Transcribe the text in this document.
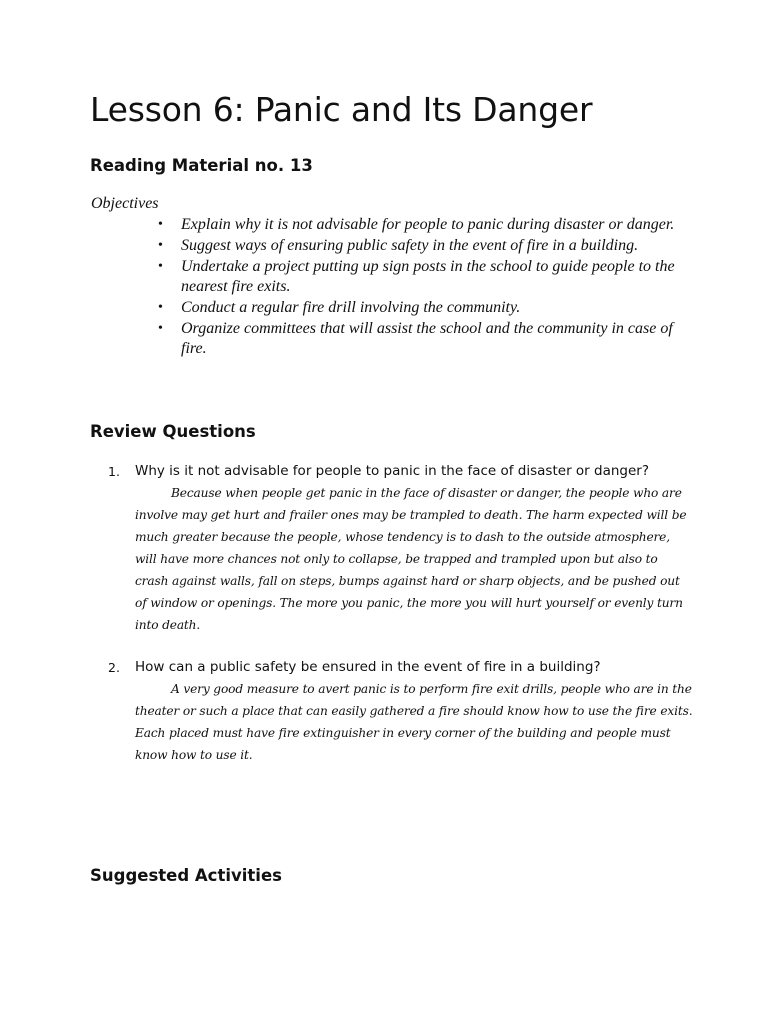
Lesson 6: Panic and Its Danger
Reading Material no. 13

Objectives

• Explain why it is not advisable for people to panic during disaster or danger.
• Suggest ways of ensuring public safety in the event of fire in a building.
• Undertake a project putting up sign posts in the school to guide people to the nearest fire exits.
• Conduct a regular fire drill involving the community.
• Organize committees that will assist the school and the community in case of fire.
Review Questions
1. Why is it not advisable for people to panic in the face of disaster or danger?

Because when people get panic in the face of disaster or danger, the people who are involve may get hurt and frailer ones may be trampled to death. The harm expected will be much greater because the people, whose tendency is to dash to the outside atmosphere, will have more chances not only to collapse, be trapped and trampled upon but also to crash against walls, fall on steps, bumps against hard or sharp objects, and be pushed out of window or openings. The more you panic, the more you will hurt yourself or evenly turn into death.

2. How can a public safety be ensured in the event of fire in a building?

A very good measure to avert panic is to perform fire exit drills, people who are in the theater or such a place that can easily gathered a fire should know how to use the fire exits. Each placed must have fire extinguisher in every corner of the building and people must know how to use it.

Suggested Activities
